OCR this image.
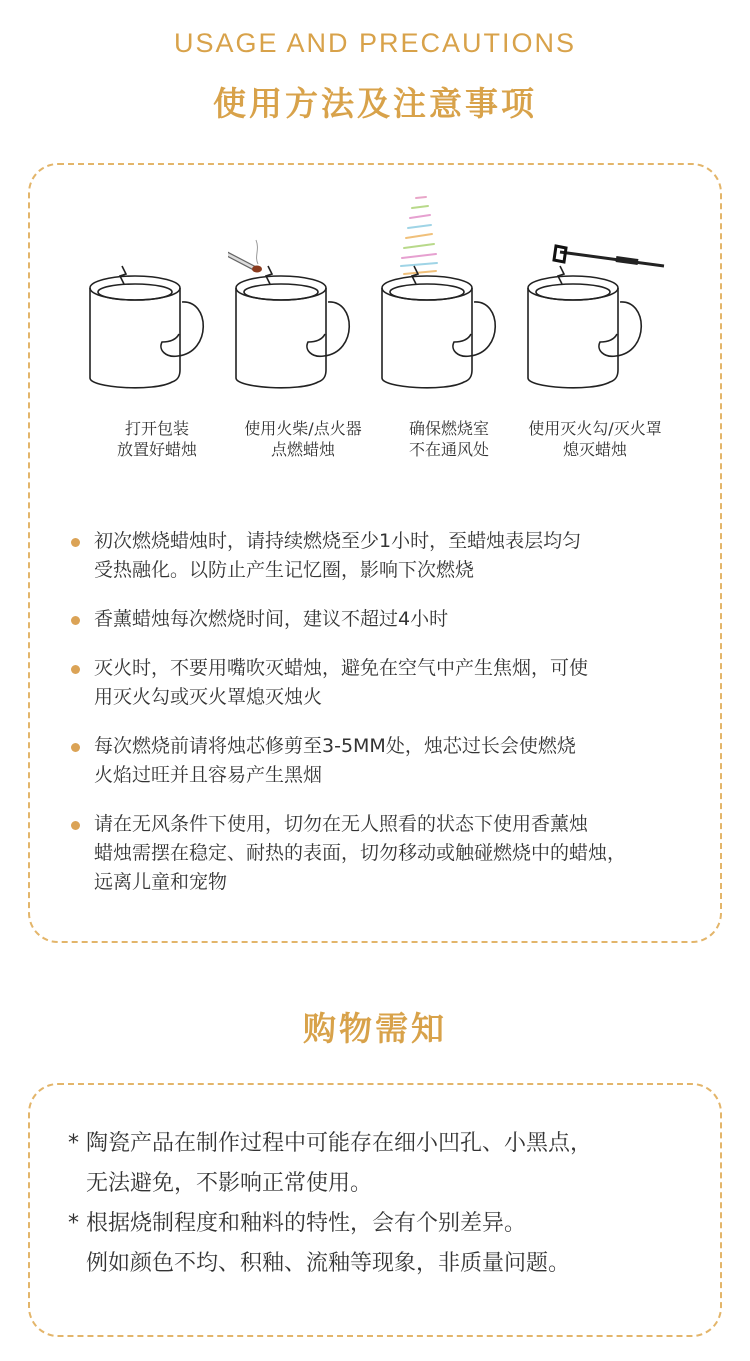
USAGE AND PRECAUTIONS
使用方法及注意事项
打开包装
放置好蜡烛
使用火柴/点火器
点燃蜡烛
确保燃烧室
不在通风处
使用灭火勾/灭火罩
熄灭蜡烛
初次燃烧蜡烛时，请持续燃烧至少1小时，至蜡烛表层均匀
受热融化。以防止产生记忆圈，影响下次燃烧
香薰蜡烛每次燃烧时间，建议不超过4小时
灭火时，不要用嘴吹灭蜡烛，避免在空气中产生焦烟，可使
用灭火勾或灭火罩熄灭烛火
每次燃烧前请将烛芯修剪至3-5MM处，烛芯过长会使燃烧
火焰过旺并且容易产生黑烟
请在无风条件下使用，切勿在无人照看的状态下使用香薰烛
蜡烛需摆在稳定、耐热的表面，切勿移动或触碰燃烧中的蜡烛，
远离儿童和宠物
购物需知
* 陶瓷产品在制作过程中可能存在细小凹孔、小黑点，
无法避免，不影响正常使用。
* 根据烧制程度和釉料的特性，会有个别差异。
例如颜色不均、积釉、流釉等现象，非质量问题。
